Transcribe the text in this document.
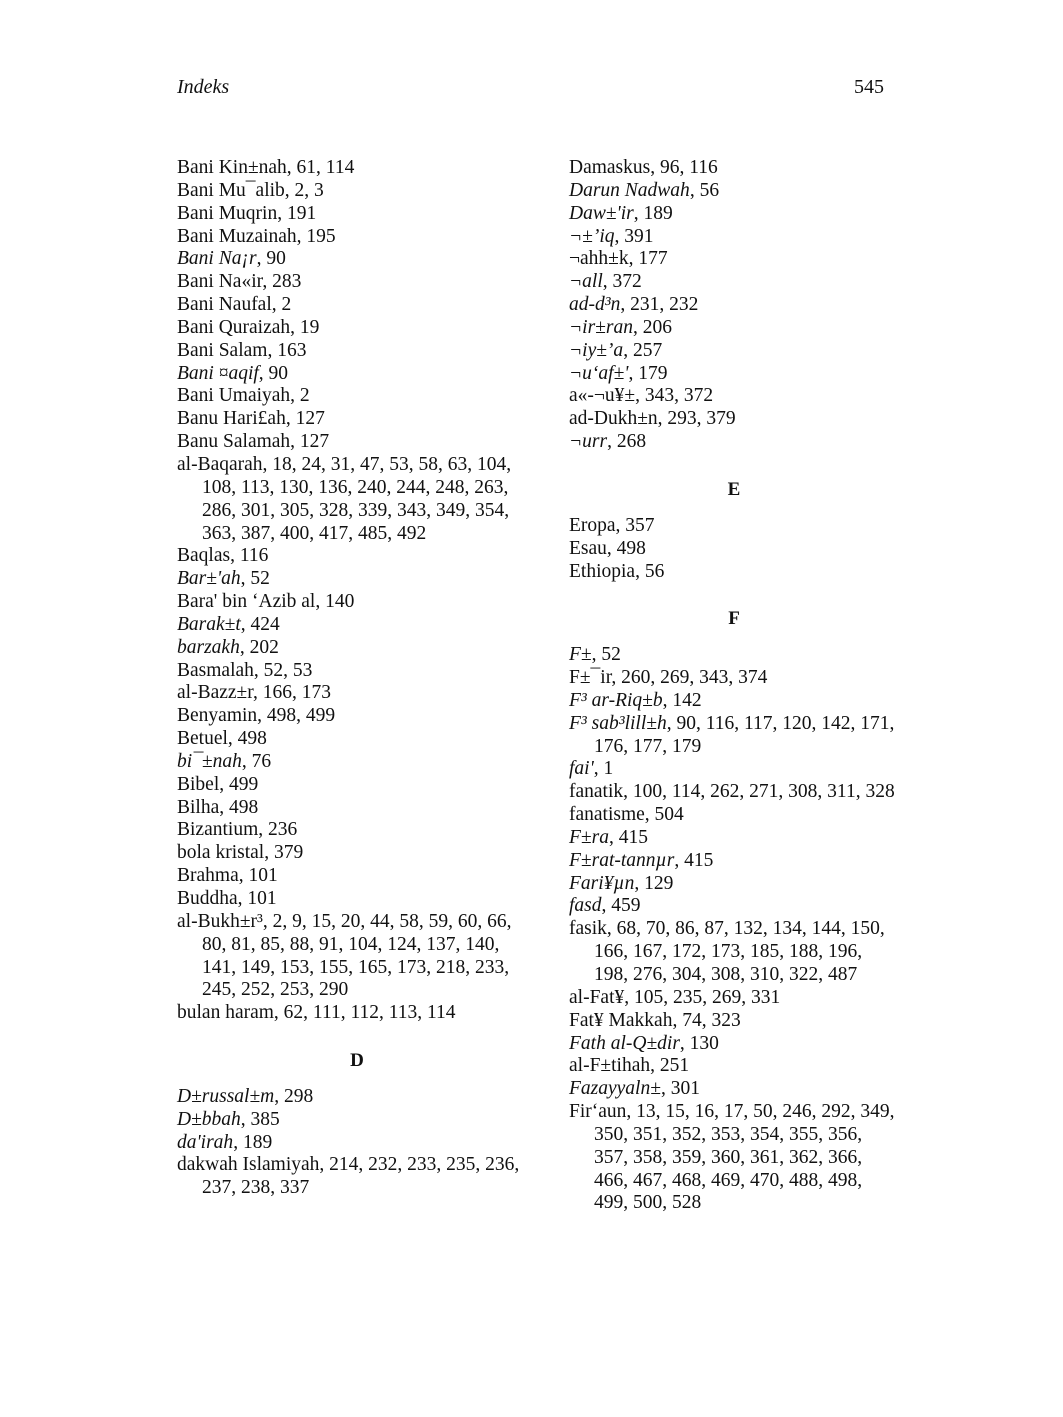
Indeks	545
Bani Kin±nah, 61, 114
Bani Mu¯alib, 2, 3
Bani Muqrin, 191
Bani Muzainah, 195
Bani Na¡r, 90
Bani Na«ir, 283
Bani Naufal, 2
Bani Quraizah, 19
Bani Salam, 163
Bani ¤aqif, 90
Bani Umaiyah, 2
Banu Hari£ah, 127
Banu Salamah, 127
al-Baqarah, 18, 24, 31, 47, 53, 58, 63, 104, 108, 113, 130, 136, 240, 244, 248, 263, 286, 301, 305, 328, 339, 343, 349, 354, 363, 387, 400, 417, 485, 492
Baqlas, 116
Bar±'ah, 52
Bara' bin ‘Azib al, 140
Barak±t, 424
barzakh, 202
Basmalah, 52, 53
al-Bazz±r, 166, 173
Benyamin, 498, 499
Betuel, 498
bi¯±nah, 76
Bibel, 499
Bilha, 498
Bizantium, 236
bola kristal, 379
Brahma, 101
Buddha, 101
al-Bukh±r³, 2, 9, 15, 20, 44, 58, 59, 60, 66, 80, 81, 85, 88, 91, 104, 124, 137, 140, 141, 149, 153, 155, 165, 173, 218, 233, 245, 252, 253, 290
bulan haram, 62, 111, 112, 113, 114
D
D±russal±m, 298
D±bbah, 385
da'irah, 189
dakwah Islamiyah, 214, 232, 233, 235, 236, 237, 238, 337
Damaskus, 96, 116
Darun Nadwah, 56
Daw±'ir, 189
¬±’iq, 391
¬ahh±k, 177
¬all, 372
ad-d³n, 231, 232
¬ir±ran, 206
¬iy±’a, 257
¬u‘af±', 179
a«-¬u¥±, 343, 372
ad-Dukh±n, 293, 379
¬urr, 268
E
Eropa, 357
Esau, 498
Ethiopia, 56
F
F±, 52
F±¯ir, 260, 269, 343, 374
F³ ar-Riq±b, 142
F³ sab³lill±h, 90, 116, 117, 120, 142, 171, 176, 177, 179
fai', 1
fanatik, 100, 114, 262, 271, 308, 311, 328
fanatisme, 504
F±ra, 415
F±rat-tannµr, 415
Fari¥µn, 129
fasd, 459
fasik, 68, 70, 86, 87, 132, 134, 144, 150, 166, 167, 172, 173, 185, 188, 196, 198, 276, 304, 308, 310, 322, 487
al-Fat¥, 105, 235, 269, 331
Fat¥ Makkah, 74, 323
Fath al-Q±dir, 130
al-F±tihah, 251
Fazayyaln±, 301
Fir‘aun, 13, 15, 16, 17, 50, 246, 292, 349, 350, 351, 352, 353, 354, 355, 356, 357, 358, 359, 360, 361, 362, 366, 466, 467, 468, 469, 470, 488, 498, 499, 500, 528
